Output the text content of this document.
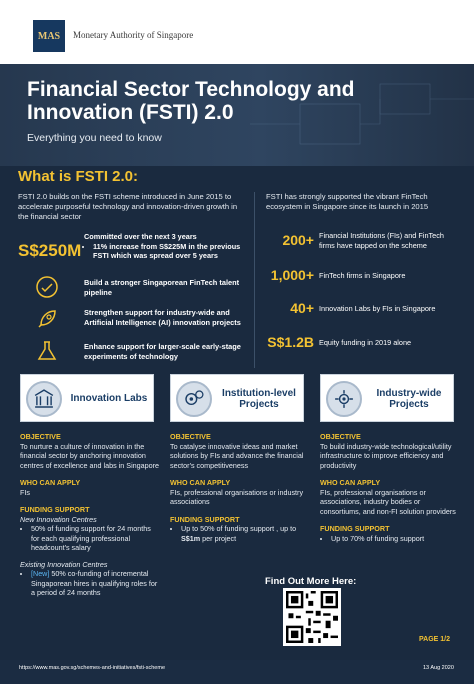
MAS	Monetary Authority of Singapore
Financial Sector Technology and Innovation (FSTI) 2.0
Everything you need to know
What is FSTI 2.0:
FSTI 2.0 builds on the FSTI scheme introduced in June 2015 to accelerate purposeful technology and innovation-driven growth in the financial sector
FSTI has strongly supported the vibrant FinTech ecosystem in Singapore since its launch in 2015
S$250M
Committed over the next 3 years
• 11% increase from S$225M in the previous FSTI which was spread over 5 years
Build a stronger Singaporean FinTech talent pipeline
Strengthen support for industry-wide and Artificial Intelligence (AI) innovation projects
Enhance support for larger-scale early-stage experiments of technology
200+ Financial Institutions (FIs) and FinTech firms have tapped on the scheme
1,000+ FinTech firms in Singapore
40+ Innovation Labs by FIs in Singapore
S$1.2B Equity funding in 2019 alone
Innovation Labs
Institution-level Projects
Industry-wide Projects
OBJECTIVE
To nurture a culture of innovation in the financial sector by anchoring innovation centres of excellence and labs in Singapore
WHO CAN APPLY
FIs
FUNDING SUPPORT
New Innovation Centres
• 50% of funding support for 24 months for each qualifying professional headcount's salary
Existing Innovation Centres
• [New] 50% co-funding of incremental Singaporean hires in qualifying roles for a period of 24 months
OBJECTIVE
To catalyse innovative ideas and market solutions by FIs and advance the financial sector's competitiveness
WHO CAN APPLY
FIs, professional organisations or industry associations
FUNDING SUPPORT
• Up to 50% of funding support , up to S$1m per project
OBJECTIVE
To build industry-wide technological/utility infrastructure to improve efficiency and productivity
WHO CAN APPLY
FIs, professional organisations or associations, industry bodies or consortiums, and non-FI solution providers
FUNDING SUPPORT
• Up to 70% of funding support
Find Out More Here:
PAGE 1/2
https://www.mas.gov.sg/schemes-and-initiatives/fsti-scheme	13 Aug 2020
